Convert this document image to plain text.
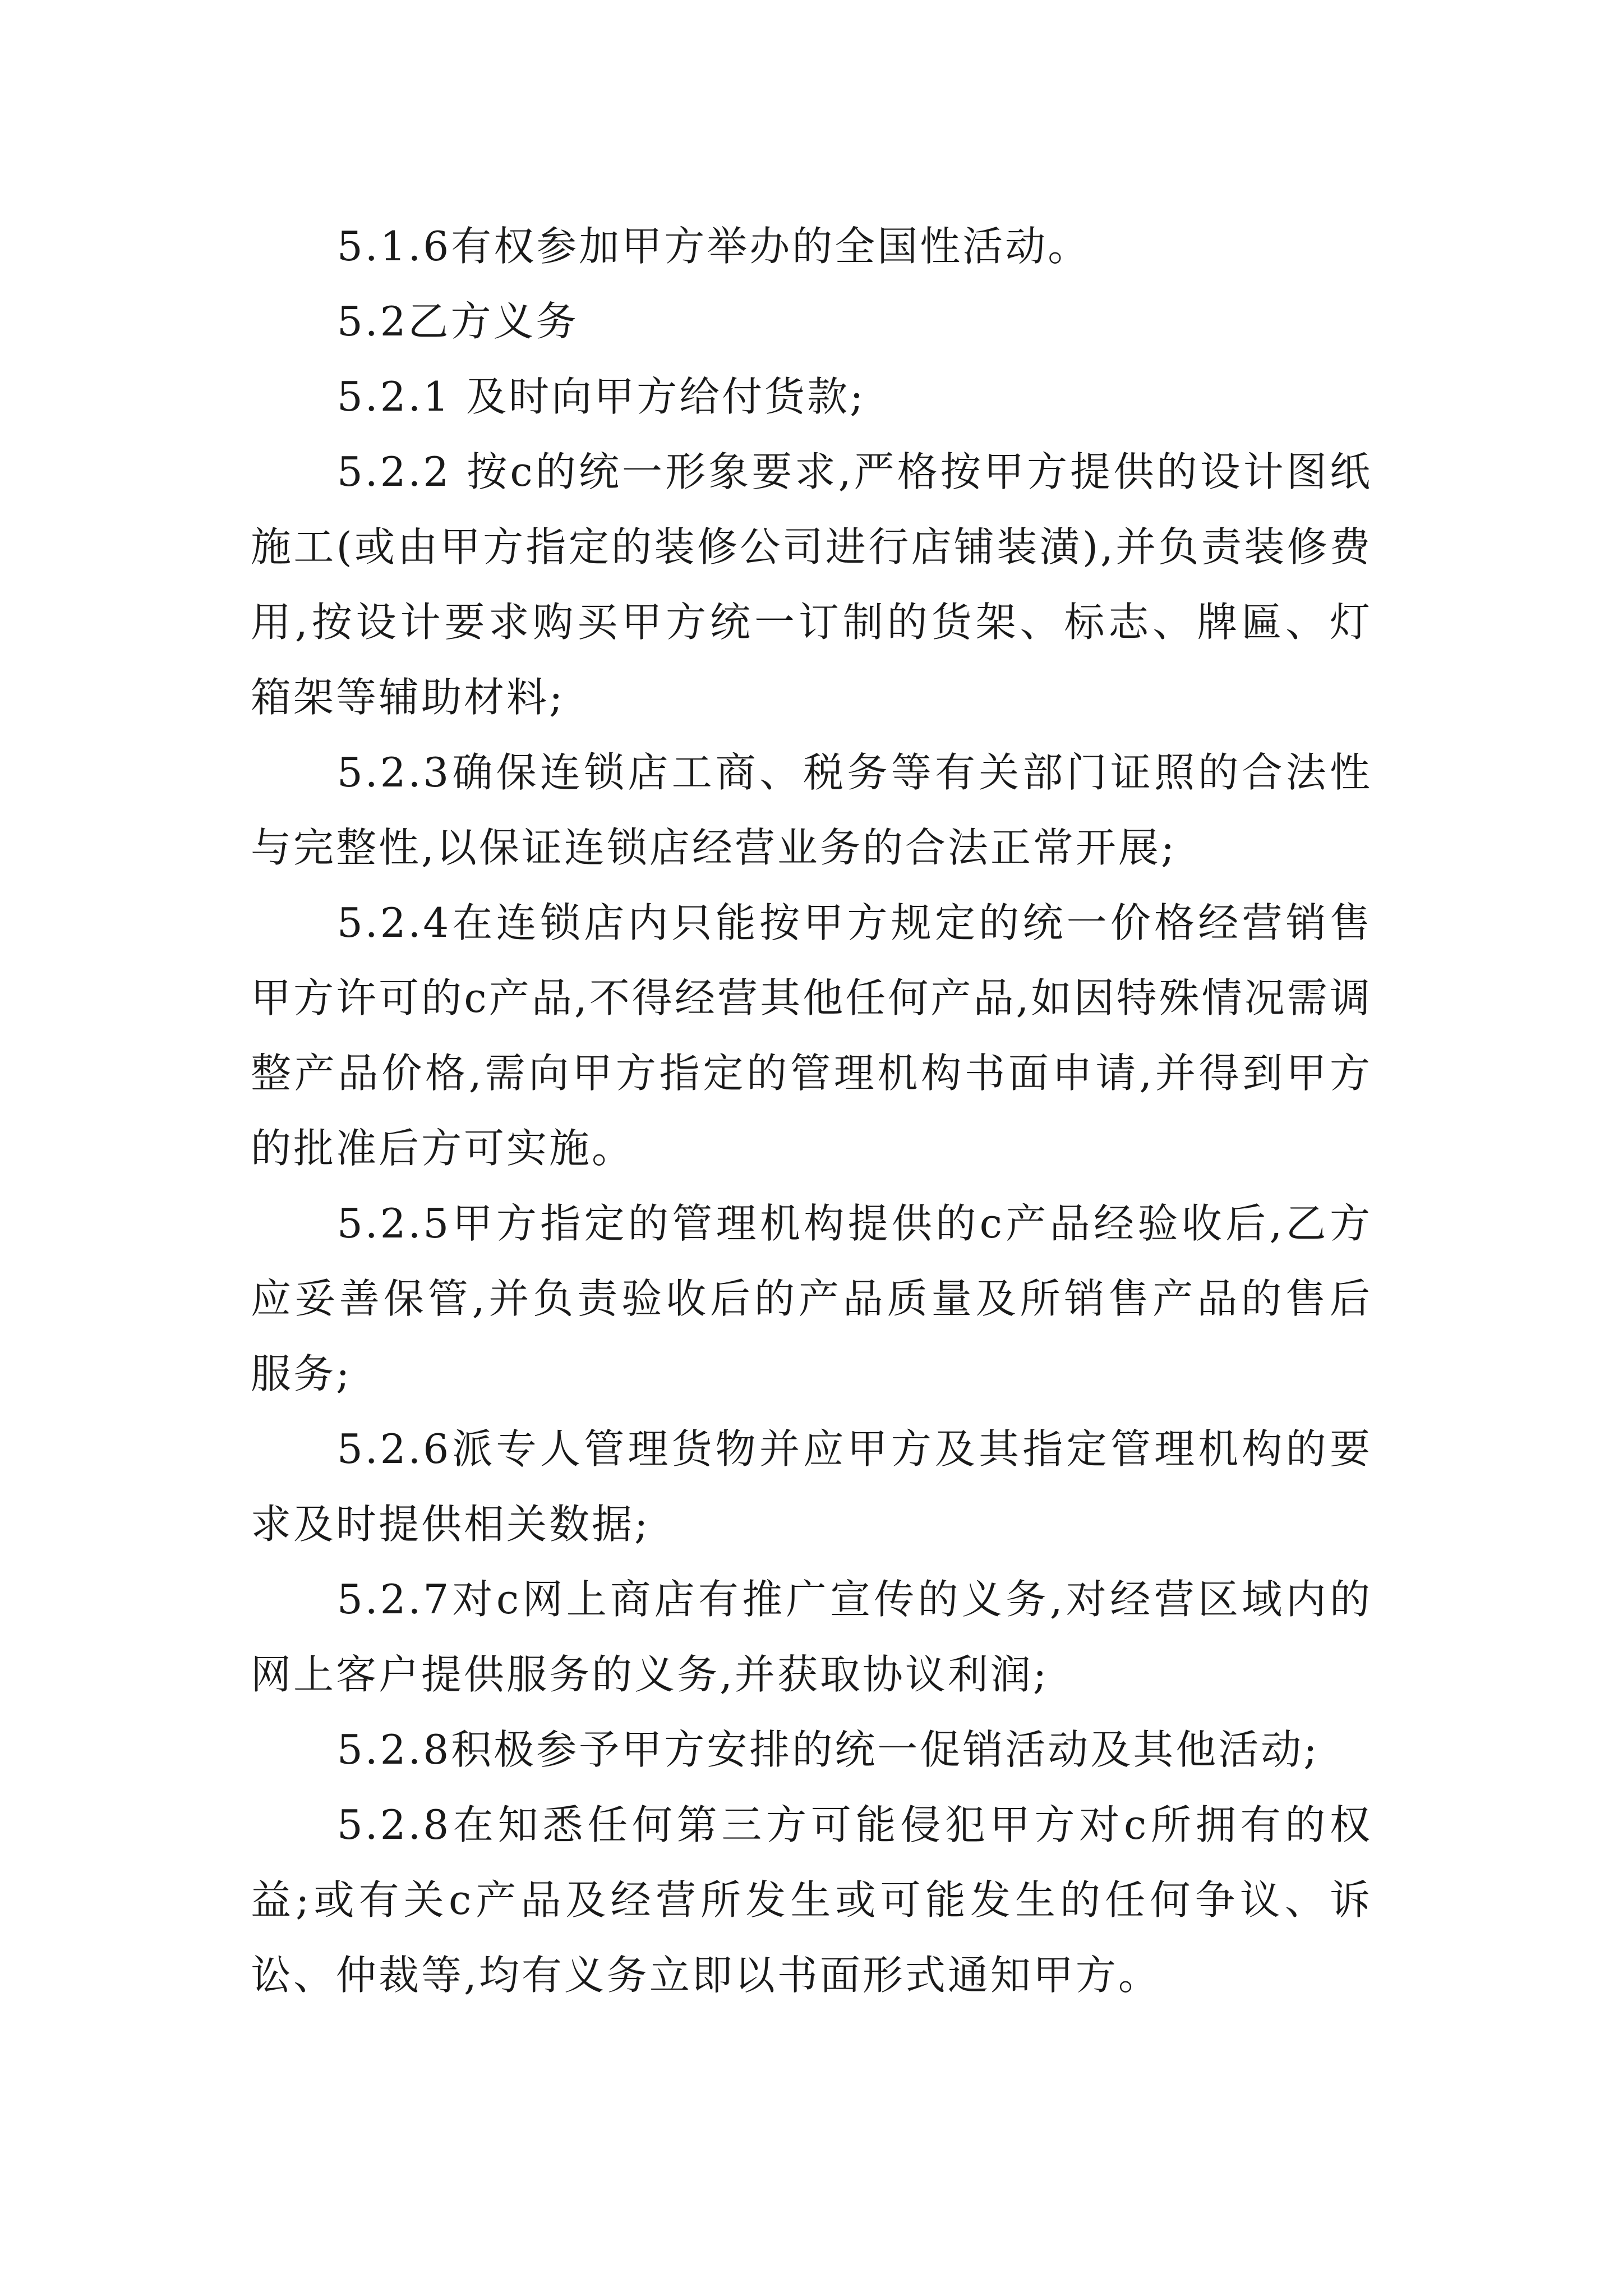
5.1.6有权参加甲方举办的全国性活动。

5.2乙方义务

5.2.1 及时向甲方给付货款;

5.2.2 按c的统一形象要求,严格按甲方提供的设计图纸施工(或由甲方指定的装修公司进行店铺装潢),并负责装修费用,按设计要求购买甲方统一订制的货架、标志、牌匾、灯箱架等辅助材料;

5.2.3确保连锁店工商、税务等有关部门证照的合法性与完整性,以保证连锁店经营业务的合法正常开展;

5.2.4在连锁店内只能按甲方规定的统一价格经营销售甲方许可的c产品,不得经营其他任何产品,如因特殊情况需调整产品价格,需向甲方指定的管理机构书面申请,并得到甲方的批准后方可实施。

5.2.5甲方指定的管理机构提供的c产品经验收后,乙方应妥善保管,并负责验收后的产品质量及所销售产品的售后服务;

5.2.6派专人管理货物并应甲方及其指定管理机构的要求及时提供相关数据;

5.2.7对c网上商店有推广宣传的义务,对经营区域内的网上客户提供服务的义务,并获取协议利润;

5.2.8积极参予甲方安排的统一促销活动及其他活动;

5.2.8在知悉任何第三方可能侵犯甲方对c所拥有的权益;或有关c产品及经营所发生或可能发生的任何争议、诉讼、仲裁等,均有义务立即以书面形式通知甲方。
